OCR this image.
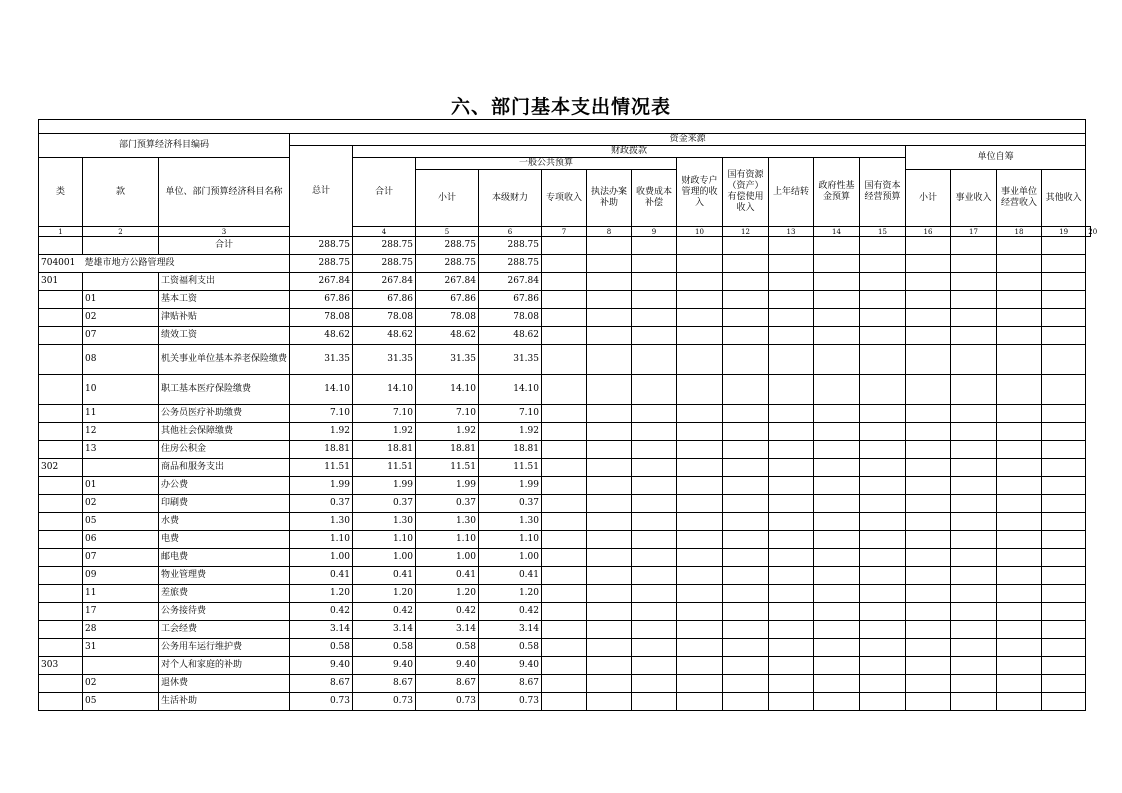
六、部门基本支出情况表

部门预算经济科目编码			资金来源																
			总计	财政拨款											单位自筹				
类	款	单位、部门预算经济科目名称		合计	一般公共预算					财政专户管理的收入	国有资源（资产）有偿使用收入	上年结转	政府性基金预算	国有资本经营预算					
					小计	本级财力	专项收入	执法办案补助	收费成本补偿						小计	事业收入	事业单位经营收入	其他收入	
1	2	3		4	5	6	7	8	9	10	12	13	14	15	16	17	18	19	20
		合计	288.75	288.75	288.75	288.75													
704001	楚雄市地方公路管理段		288.75	288.75	288.75	288.75													
301		工资福利支出	267.84	267.84	267.84	267.84													
	01	基本工资	67.86	67.86	67.86	67.86													
	02	津贴补贴	78.08	78.08	78.08	78.08													
	07	绩效工资	48.62	48.62	48.62	48.62													
	08	机关事业单位基本养老保险缴费	31.35	31.35	31.35	31.35													
	10	职工基本医疗保险缴费	14.10	14.10	14.10	14.10													
	11	公务员医疗补助缴费	7.10	7.10	7.10	7.10													
	12	其他社会保障缴费	1.92	1.92	1.92	1.92													
	13	住房公积金	18.81	18.81	18.81	18.81													
302		商品和服务支出	11.51	11.51	11.51	11.51													
	01	办公费	1.99	1.99	1.99	1.99													
	02	印刷费	0.37	0.37	0.37	0.37													
	05	水费	1.30	1.30	1.30	1.30													
	06	电费	1.10	1.10	1.10	1.10													
	07	邮电费	1.00	1.00	1.00	1.00													
	09	物业管理费	0.41	0.41	0.41	0.41													
	11	差旅费	1.20	1.20	1.20	1.20													
	17	公务接待费	0.42	0.42	0.42	0.42													
	28	工会经费	3.14	3.14	3.14	3.14													
	31	公务用车运行维护费	0.58	0.58	0.58	0.58													
303		对个人和家庭的补助	9.40	9.40	9.40	9.40													
	02	退休费	8.67	8.67	8.67	8.67													
	05	生活补助	0.73	0.73	0.73	0.73													
